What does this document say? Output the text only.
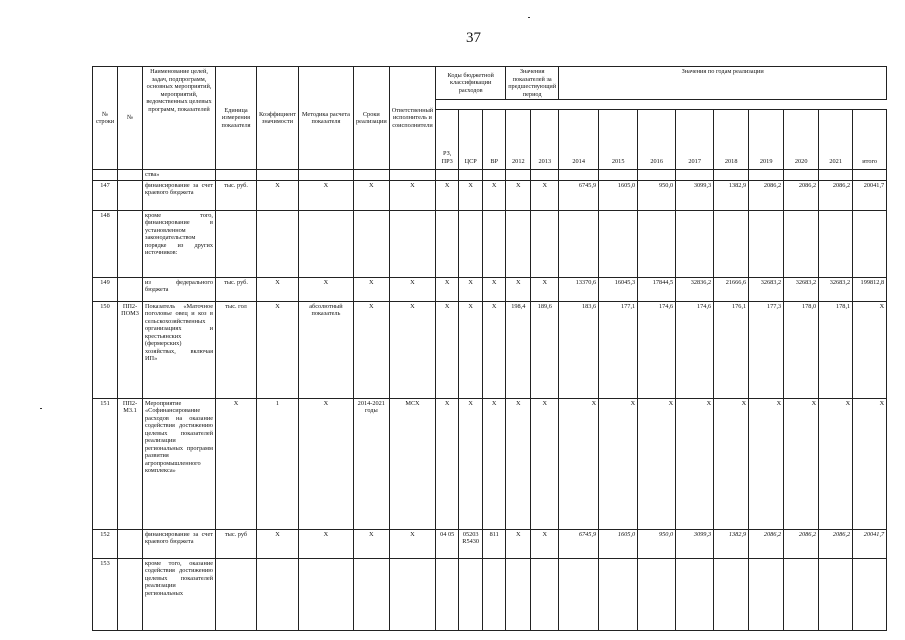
37
№ строки	№	Наименование целей, задач, подпрограмм, основных мероприятий, мероприятий, ведомственных целевых программ, показателей	Единица измерения показателя	Коэффициент значимости	Методика расчета показателя	Сроки реализации	Ответственный исполнитель и соисполнители	Коды бюджетной классификации расходов			Значения показателей за предшествующий период		Значения по годам реализации								

								РЗ, ПР3	ЦСР	ВР	2012	2013	2014	2015	2016	2017	2018	2019	2020	2021	итого
		ства»																			
147		финансирование за счет краевого бюджета	тыс. руб.	X	X	X	X	X	X	X	X	X	6745,9	1605,0	950,0	3099,3	1382,9	2086,2	2086,2	2086,2	20041,7
148		кроме того, финансирование в установленном законодательством порядке из других источников:																			
149		из федерального бюджета	тыс. руб.	X	X	X	X	X	X	X	X	X	13370,6	16045,3	17844,5	32836,2	21666,6	32683,2	32683,2	32683,2	199812,8
150	ПП2-ПОМ3	Показатель «Маточное поголовье овец и коз в сельскохозяйственных организациях и крестьянских (фермерских) хозяйствах, включая ИП»	тыс. гол	X	абсолютный показатель	X	X	X	X	X	198,4	189,6	183,6	177,1	174,6	174,6	176,1	177,3	178,0	178,1	X
151	ПП2-М3.1	Мероприятие «Софинансирование расходов на оказание содействия достижению целевых показателей реализации региональных программ развития агропромышленного комплекса»	X	1	X	2014-2021 годы	МСХ	X	X	X	X	X	X	X	X	X	X	X	X	X	X
152		финансирование за счет краевого бюджета	тыс. руб	X	X	X	X	04 05	05203 R5430	811	X	X	6745,9	1605,0	950,0	3099,3	1382,9	2086,2	2086,2	2086,2	20041,7
153		кроме того, оказание содействия достижению целевых показателей реализации региональных																			
